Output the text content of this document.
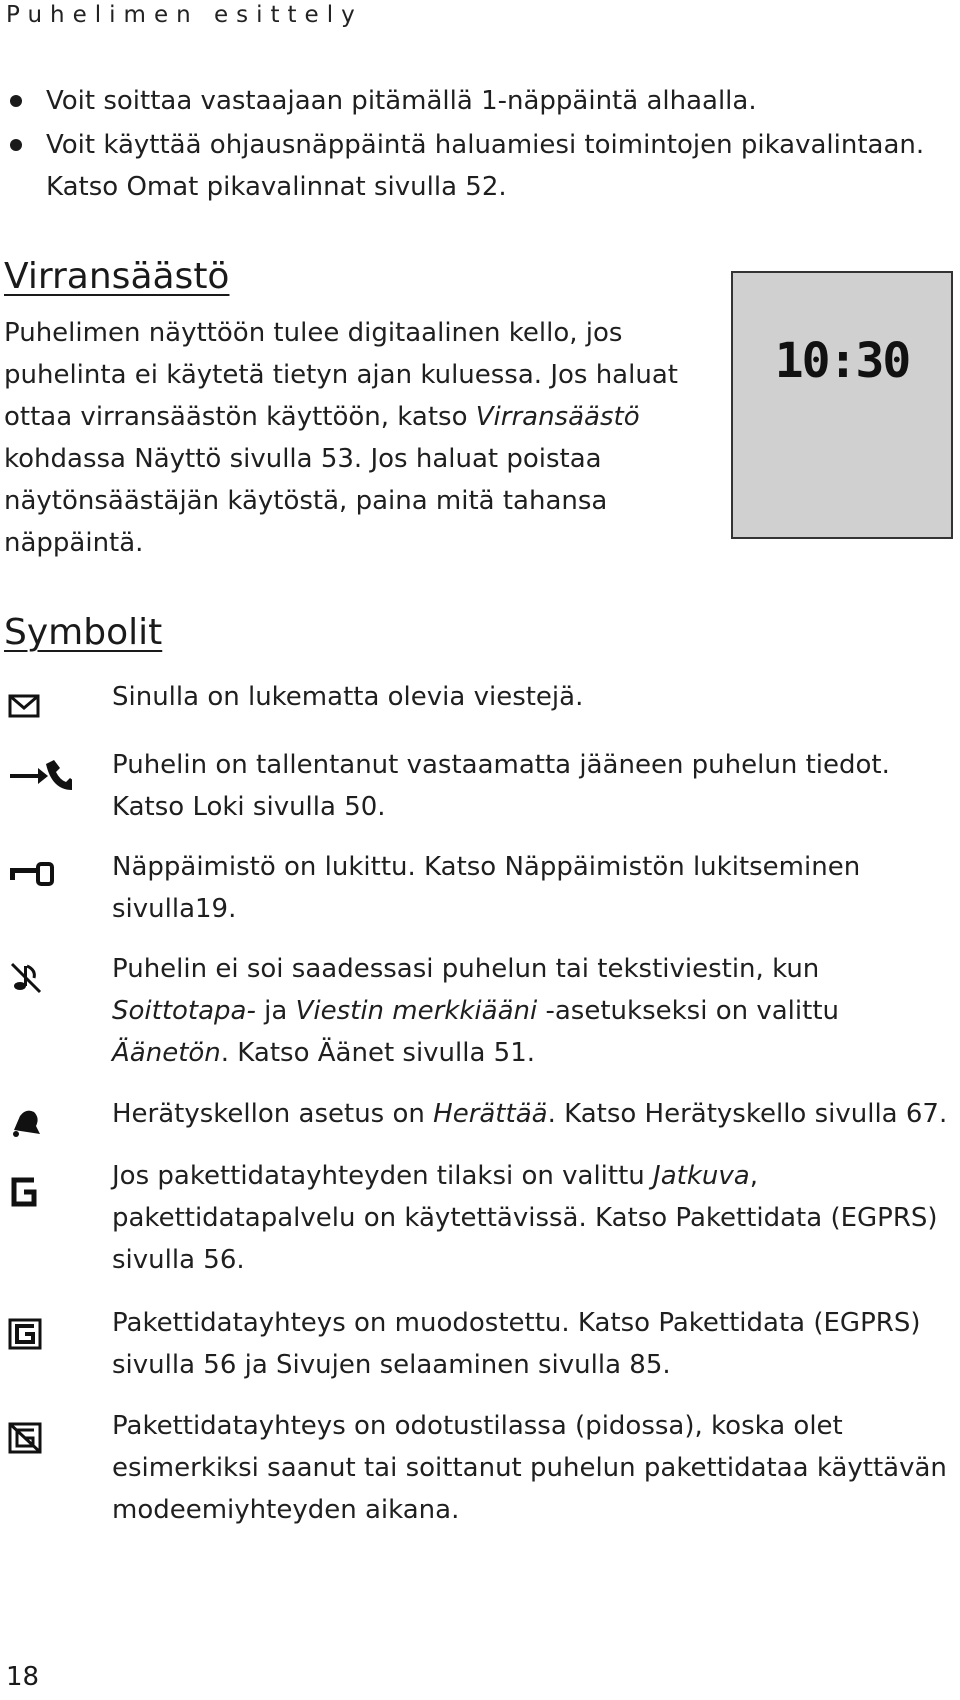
Puhelimen esittely
Voit soittaa vastaajaan pitämällä 1-näppäintä alhaalla.
Voit käyttää ohjausnäppäintä haluamiesi toimintojen pikavalintaan.
Katso Omat pikavalinnat sivulla 52.
Virransäästö
Puhelimen näyttöön tulee digitaalinen kello, jos
puhelinta ei käytetä tietyn ajan kuluessa. Jos haluat
ottaa virransäästön käyttöön, katso Virransäästö
kohdassa Näyttö sivulla 53. Jos haluat poistaa
näytönsäästäjän käytöstä, paina mitä tahansa
näppäintä.
10:30
Symbolit
Sinulla on lukematta olevia viestejä.
Puhelin on tallentanut vastaamatta jääneen puhelun tiedot.
Katso Loki sivulla 50.
Näppäimistö on lukittu. Katso Näppäimistön lukitseminen
sivulla19.
Puhelin ei soi saadessasi puhelun tai tekstiviestin, kun
Soittotapa- ja Viestin merkkiääni -asetukseksi on valittu
Äänetön. Katso Äänet sivulla 51.
Herätyskellon asetus on Herättää. Katso Herätyskello sivulla 67.
Jos pakettidatayhteyden tilaksi on valittu Jatkuva,
pakettidatapalvelu on käytettävissä. Katso Pakettidata (EGPRS)
sivulla 56.
Pakettidatayhteys on muodostettu. Katso Pakettidata (EGPRS)
sivulla 56 ja Sivujen selaaminen sivulla 85.
Pakettidatayhteys on odotustilassa (pidossa), koska olet
esimerkiksi saanut tai soittanut puhelun pakettidataa käyttävän
modeemiyhteyden aikana.
18
